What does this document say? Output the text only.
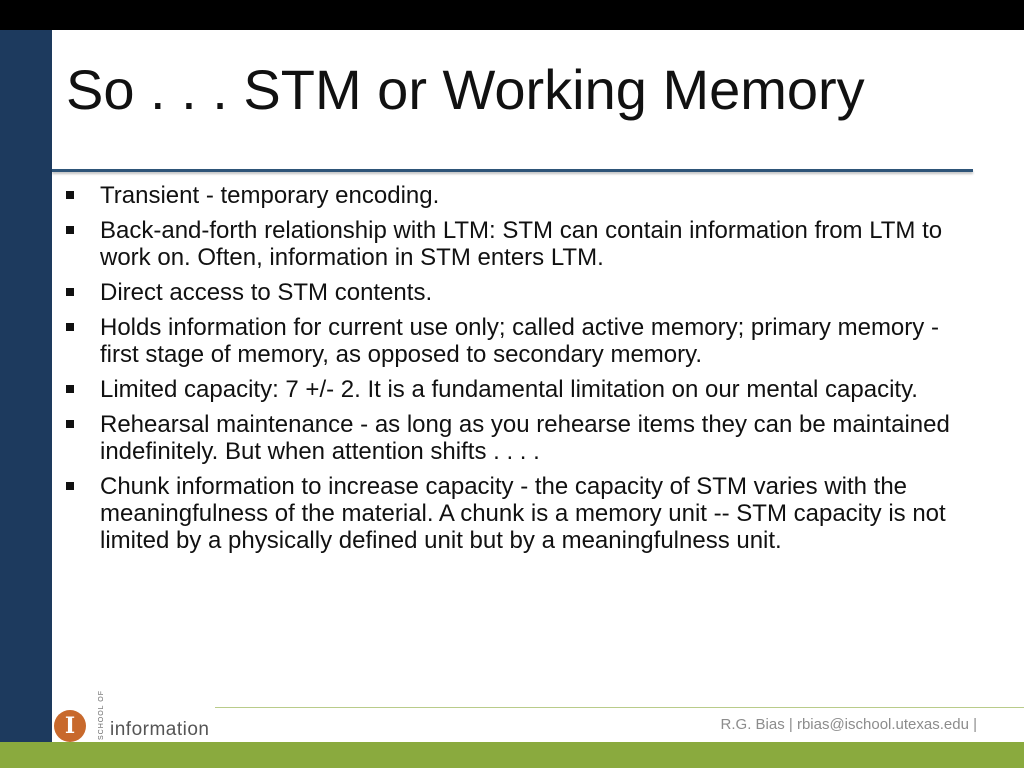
So . . . STM or Working Memory
Transient - temporary encoding.
Back-and-forth relationship with LTM: STM can contain information from LTM to work on. Often, information in STM enters LTM.
Direct access to STM contents.
Holds information for current use only; called active memory; primary memory - first stage of memory, as opposed to secondary memory.
Limited capacity: 7 +/- 2. It is a fundamental limitation on our mental capacity.
Rehearsal maintenance - as long as you rehearse items they can be maintained indefinitely. But when attention shifts . . . .
Chunk information to increase capacity - the capacity of STM varies with the meaningfulness of the material. A chunk is a memory unit -- STM capacity is not limited by a physically defined unit but by a meaningfulness unit.
I	SCHOOL OF information	R.G. Bias | rbias@ischool.utexas.edu |
